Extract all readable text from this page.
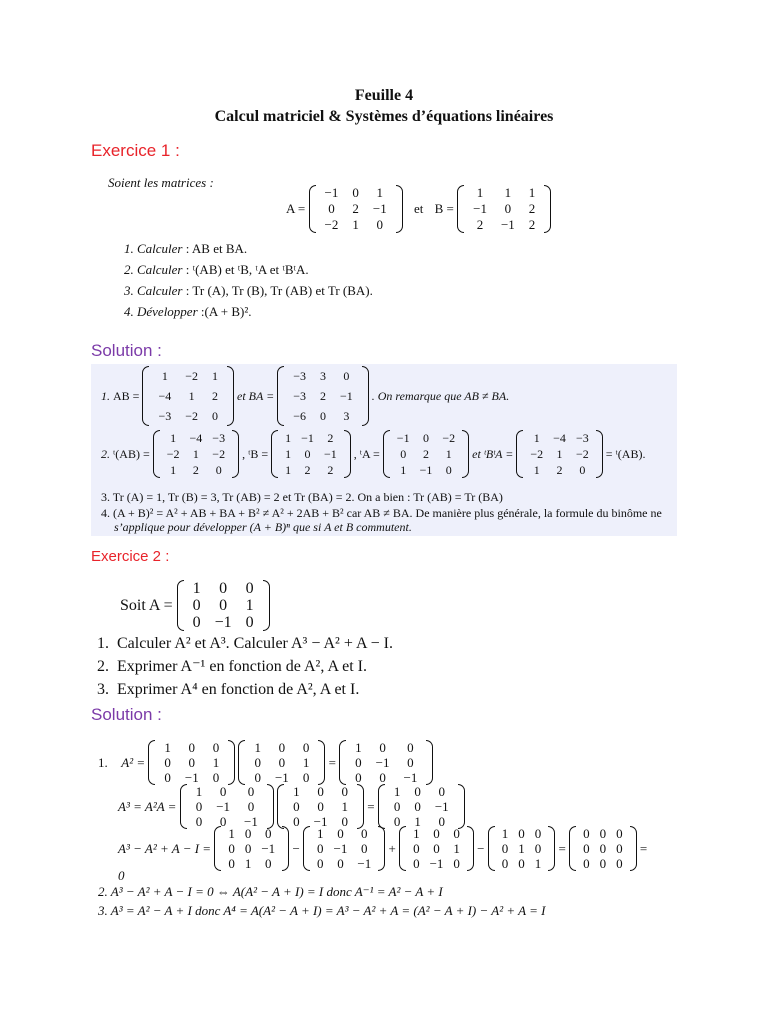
Feuille 4
Calcul matriciel & Systèmes d’équations linéaires
Exercice 1 :
Soient les matrices :
A =
−1	0	1
0	2	−1
−2	1	0
et B =
1	1	1
−1	0	2
2	−1	2
1. Calculer : AB et BA.
2. Calculer : ᵗ(AB) et ᵗB, ᵗA et ᵗBᵗA.
3. Calculer : Tr (A), Tr (B), Tr (AB) et Tr (BA).
4. Développer :(A + B)².
Solution :
1. AB =
1	−2	1
−4	1	2
−3	−2	0
et BA =
−3	3	0
−3	2	−1
−6	0	3
. On remarque que AB ≠ BA.
2. ᵗ(AB) =
1	−4	−3
−2	1	−2
1	2	0
, ᵗB =
1	−1	2
1	0	−1
1	2	2
, ᵗA =
−1	0	−2
0	2	1
1	−1	0
et ᵗBᵗA =
1	−4	−3
−2	1	−2
1	2	0
= ᵗ(AB).
3. Tr (A) = 1, Tr (B) = 3, Tr (AB) = 2 et Tr (BA) = 2. On a bien : Tr (AB) = Tr (BA)
4. (A + B)² = A² + AB + BA + B² ≠ A² + 2AB + B² car AB ≠ BA. De manière plus générale, la formule du binôme ne
s’applique pour développer (A + B)ⁿ que si A et B commutent.
Exercice 2 :
Soit A =
1	0	0
0	0	1
0	−1	0
1. Calculer A² et A³. Calculer A³ − A² + A − I.
2. Exprimer A⁻¹ en fonction de A², A et I.
3. Exprimer A⁴ en fonction de A², A et I.
Solution :
1. A² =
1	0	0
0	0	1
0	−1	0

1	0	0
0	0	1
0	−1	0
=
1	0	0
0	−1	0
0	0	−1
A³ = A²A =
1	0	0
0	−1	0
0	0	−1

1	0	0
0	0	1
0	−1	0
=
1	0	0
0	0	−1
0	1	0
A³ − A² + A − I =
1	0	0
0	0	−1
0	1	0
−
1	0	0
0	−1	0
0	0	−1
+
1	0	0
0	0	1
0	−1	0
−
1	0	0
0	1	0
0	0	1
=
0	0	0
0	0	0
0	0	0
=
0
2. A³ − A² + A − I = 0 ⇔ A(A² − A + I) = I donc A⁻¹ = A² − A + I
3. A³ = A² − A + I donc A⁴ = A(A² − A + I) = A³ − A² + A = (A² − A + I) − A² + A = I
